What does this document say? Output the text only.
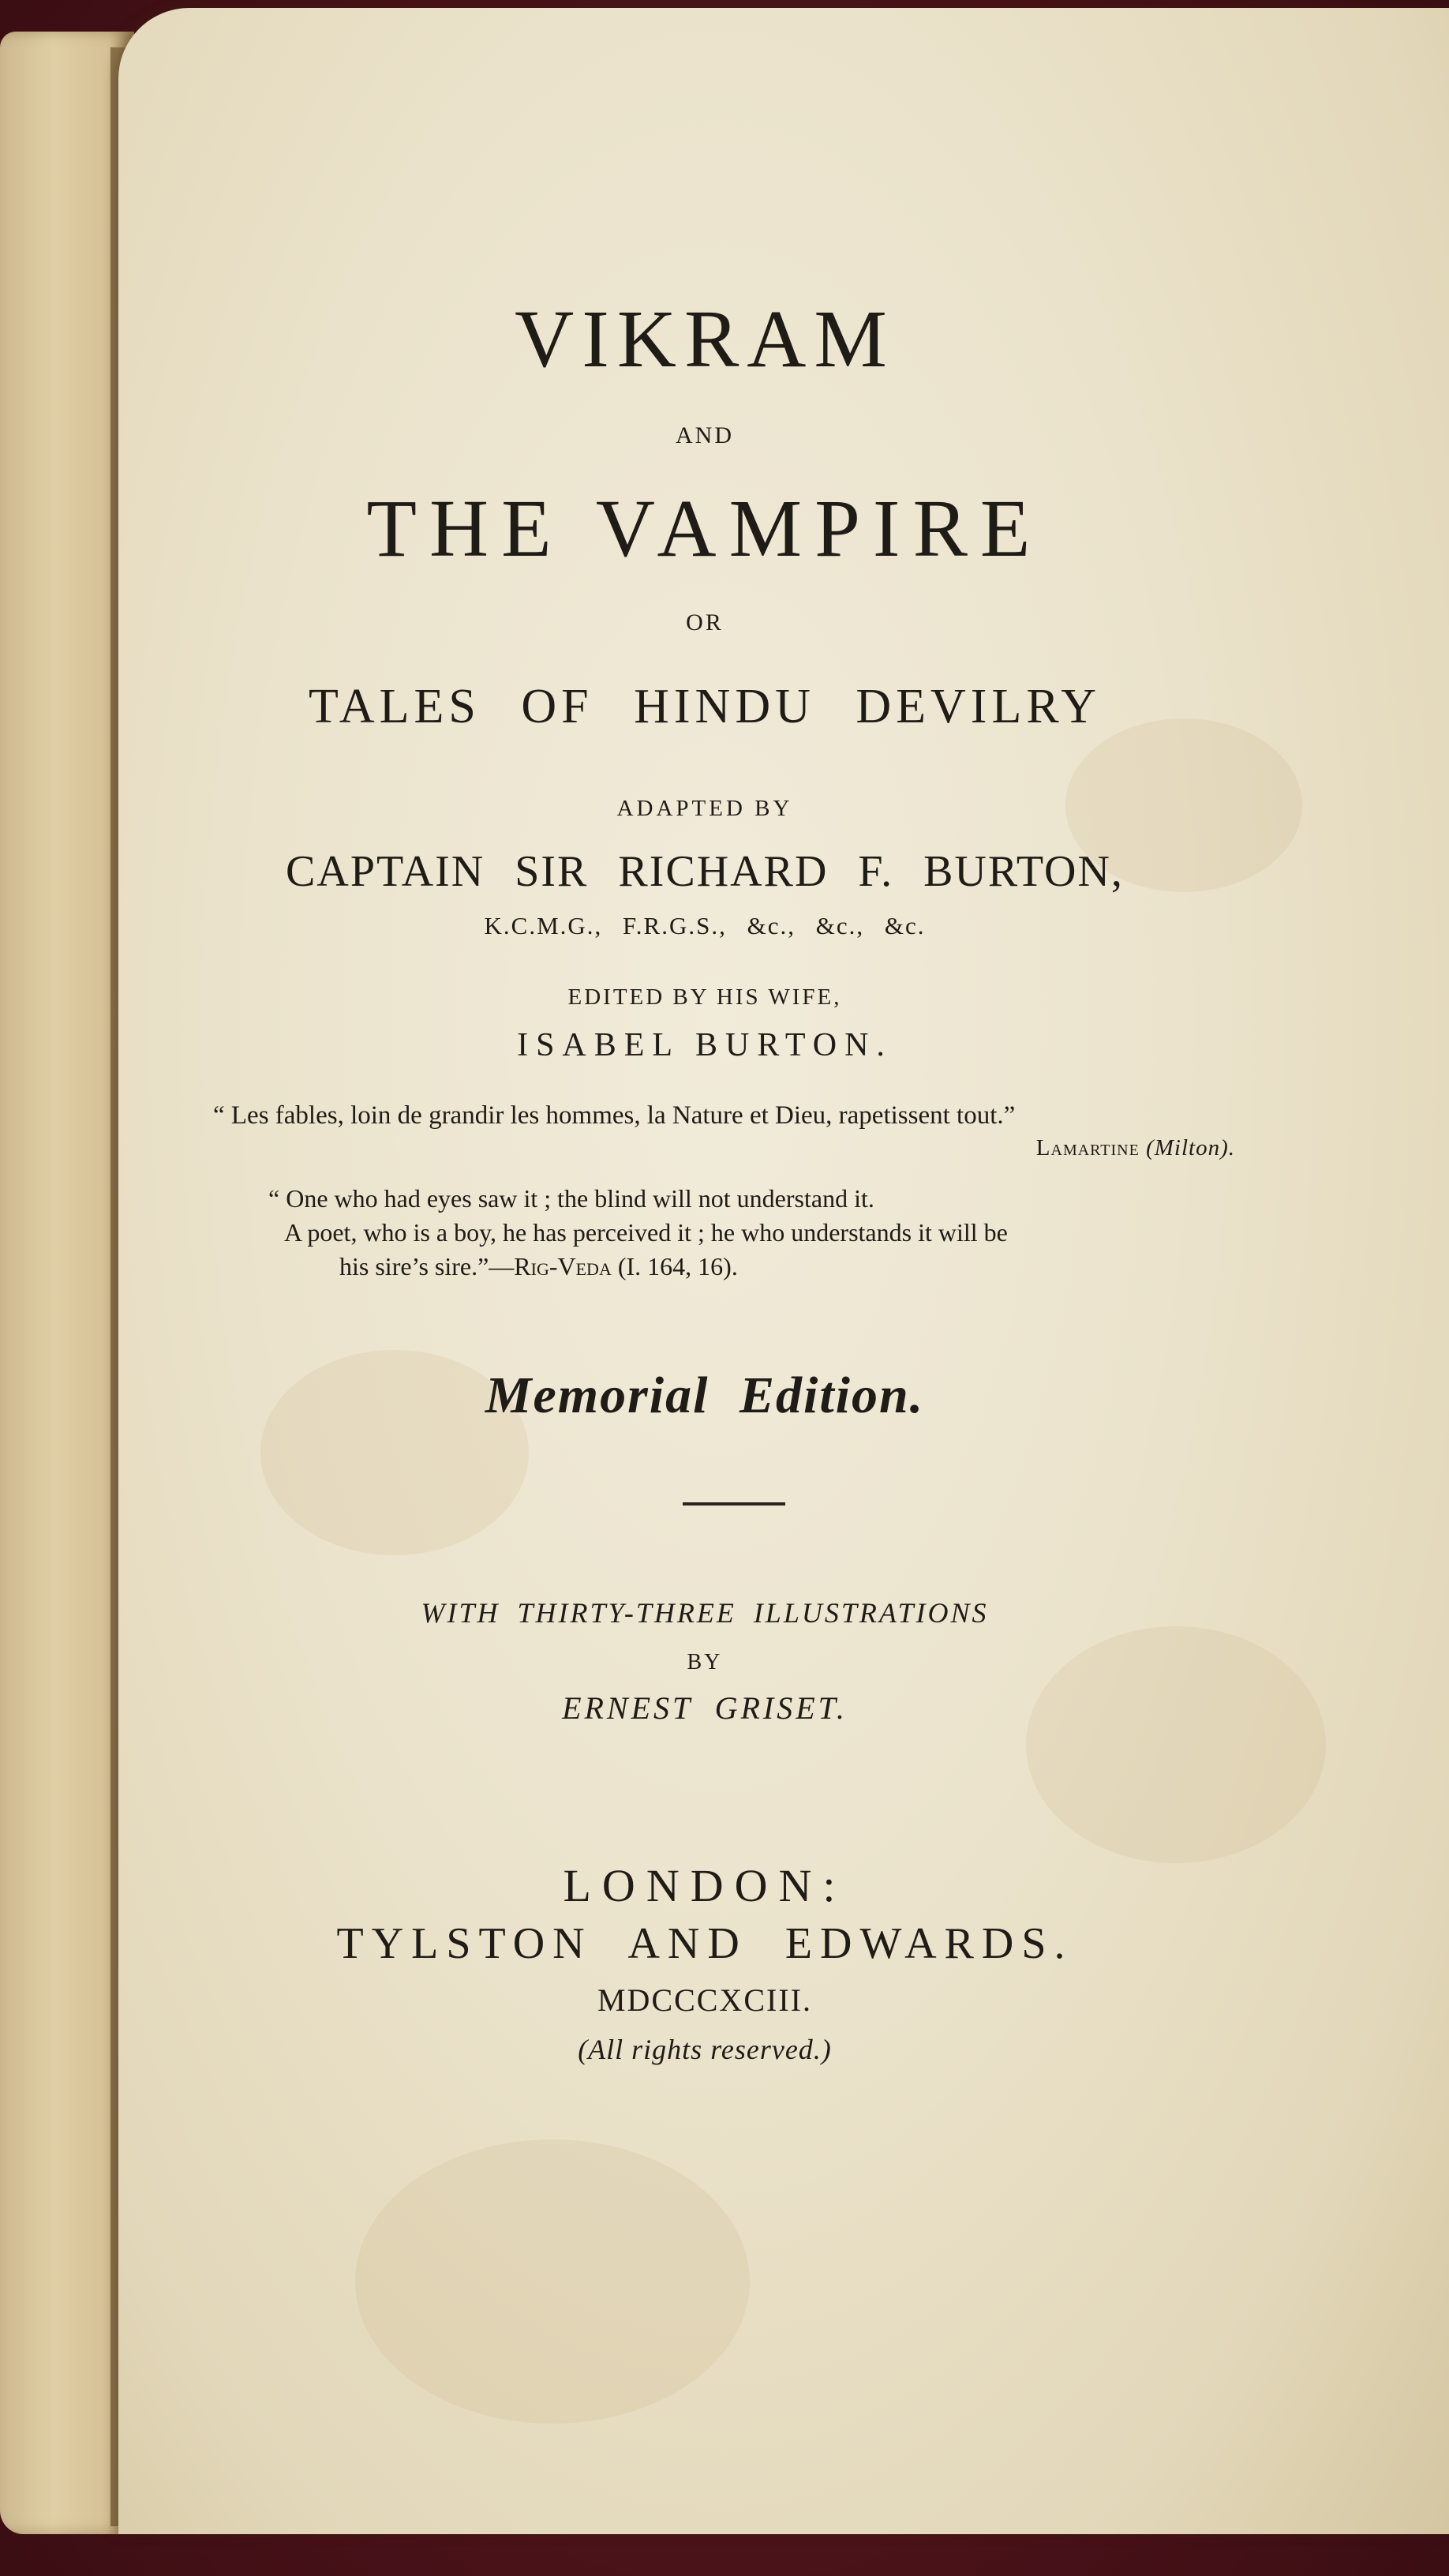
VIKRAM
AND
THE VAMPIRE
OR
TALES OF HINDU DEVILRY
ADAPTED BY
CAPTAIN SIR RICHARD F. BURTON,
K.C.M.G., F.R.G.S., &c., &c., &c.
EDITED BY HIS WIFE,
ISABEL BURTON.
“ Les fables, loin de grandir les hommes, la Nature et Dieu, rapetissent tout.”
Lamartine (Milton).
“ One who had eyes saw it ; the blind will not understand it.
A poet, who is a boy, he has perceived it ; he who understands it will be
his sire’s sire.”—Rig-Veda (I. 164, 16).
Memorial Edition.
WITH THIRTY-THREE ILLUSTRATIONS
BY
ERNEST GRISET.
LONDON:
TYLSTON AND EDWARDS.
MDCCCXCIII.
(All rights reserved.)
